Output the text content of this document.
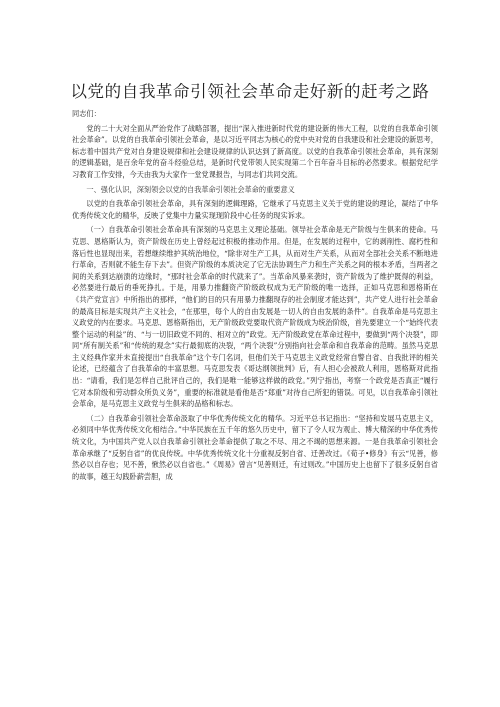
以党的自我革命引领社会革命走好新的赶考之路

同志们：

党的二十大对全面从严治党作了战略部署，提出“深入推进新时代党的建设新的伟大工程，以党的自我革命引领社会革命”。以党的自我革命引领社会革命，是以习近平同志为核心的党中央对党的自我建设和社会建设的新思考，标志着中国共产党对自身建设规律和社会建设规律的认识达到了新高度。以党的自我革命引领社会革命，具有深刻的逻辑基础，是百余年党的奋斗经验总结，是新时代党带领人民实现第二个百年奋斗目标的必然要求。根据党纪学习教育工作安排，今天由我为大家作一堂党课报告，与同志们共同交流。

一、强化认识，深刻领会以党的自我革命引领社会革命的重要意义

以党的自我革命引领社会革命，具有深刻的逻辑理路，它继承了马克思主义关于党的建设的理论，凝结了中华优秀传统文化的精华，反映了党集中力量实现现阶段中心任务的现实诉求。

（一）自我革命引领社会革命具有深刻的马克思主义理论基础。领导社会革命是无产阶级与生俱来的使命。马克思、恩格斯认为，资产阶级在历史上曾经起过积极的推动作用。但是，在发展的过程中，它的剥削性、腐朽性和落后性也显现出来，若想继续维护其统治地位，“除非对生产工具，从而对生产关系，从而对全部社会关系不断地进行革命，否则就不能生存下去”。但资产阶级的本质决定了它无法协调生产力和生产关系之间的根本矛盾，当两者之间的关系到达崩溃的边缘时，“那时社会革命的时代就来了”。当革命风暴来袭时，资产阶级为了维护既得的利益，必然要进行最后的垂死挣扎。于是，用暴力推翻资产阶级政权成为无产阶级的唯一选择，正如马克思和恩格斯在《共产党宣言》中所指出的那样，“他们的目的只有用暴力推翻现存的社会制度才能达到”，共产党人进行社会革命的最高目标是实现共产主义社会，“在那里，每个人的自由发展是一切人的自由发展的条件”。自我革命是马克思主义政党的内在要求。马克思、恩格斯指出，无产阶级政党要取代资产阶级成为统治阶级，首先要建立一个“始终代表整个运动的利益”的、“与一切旧政党不同的、相对立的”政党。无产阶级政党在革命过程中，要做到“两个决裂”，即同“所有制关系”和“传统的观念”实行最彻底的决裂，“两个决裂”分别指向社会革命和自我革命的范畴。虽然马克思主义经典作家并未直接提出“自我革命”这个专门名词，但他们关于马克思主义政党经常自警自省、自我批评的相关论述，已经蕴含了自我革命的丰富思想。马克思发表《哥达纲领批判》后，有人担心会被敌人利用，恩格斯对此指出：“请看，我们是怎样自己批评自己的，我们是唯一能够这样做的政党。”列宁指出，考察一个政党是否真正“履行它对本阶级和劳动群众所负义务”，重要的标准就是看他是否“郑重”对待自己所犯的错误。可见，以自我革命引领社会革命，是马克思主义政党与生俱来的品格和标志。

（二）自我革命引领社会革命汲取了中华优秀传统文化的精华。习近平总书记指出：“坚持和发展马克思主义，必须同中华优秀传统文化相结合。”中华民族在五千年的悠久历史中，留下了令人叹为观止、博大精深的中华优秀传统文化，为中国共产党人以自我革命引领社会革命提供了取之不尽、用之不竭的思想来源。一是自我革命引领社会革命承继了“反躬自省”的优良传统。中华优秀传统文化十分重视反躬自省、迁善改过。《荀子•修身》有云“见善，修然必以自存也；见不善，愀然必以自省也。”《周易》曾言“见善则迁，有过则改。”中国历史上也留下了很多反躬自省的故事，越王勾践卧薪尝胆，成
